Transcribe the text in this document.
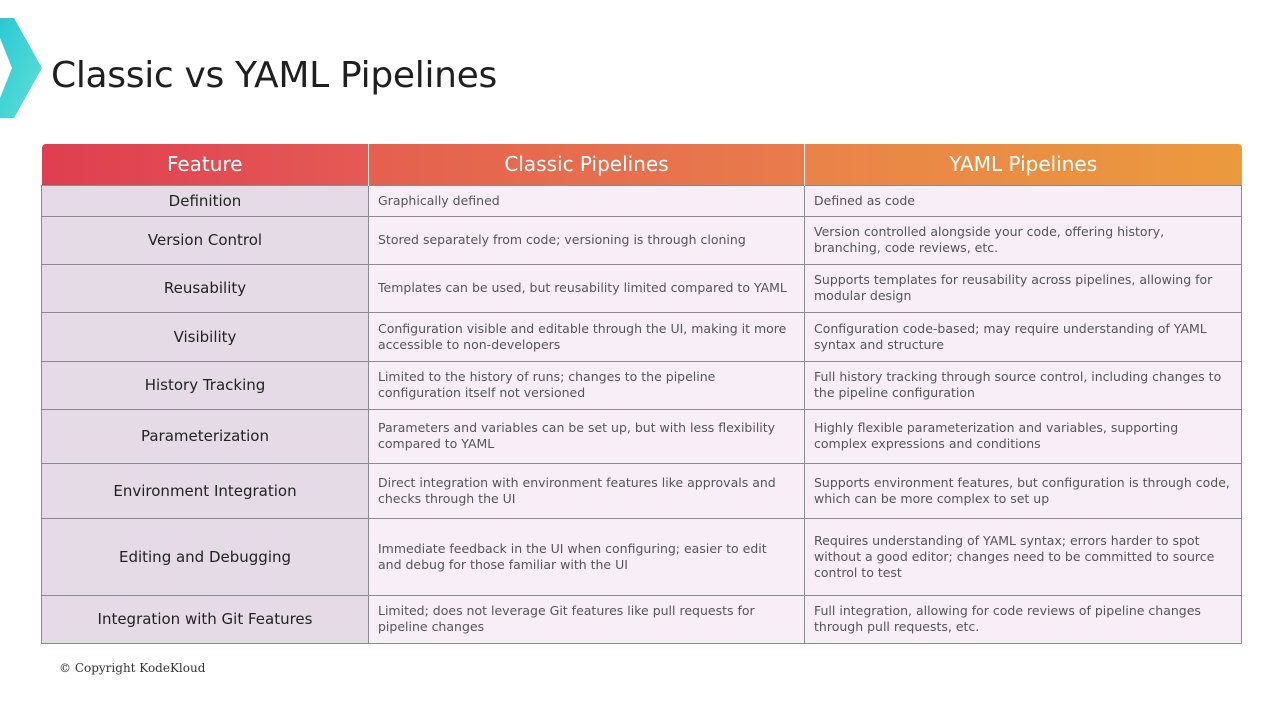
Classic vs YAML Pipelines
Feature	Classic Pipelines	YAML Pipelines
Definition	Graphically defined	Defined as code
Version Control	Stored separately from code; versioning is through cloning	Version controlled alongside your code, offering history, branching, code reviews, etc.
Reusability	Templates can be used, but reusability limited compared to YAML	Supports templates for reusability across pipelines, allowing for modular design
Visibility	Configuration visible and editable through the UI, making it more accessible to non-developers	Configuration code-based; may require understanding of YAML syntax and structure
History Tracking	Limited to the history of runs; changes to the pipeline configuration itself not versioned	Full history tracking through source control, including changes to the pipeline configuration
Parameterization	Parameters and variables can be set up, but with less flexibility compared to YAML	Highly flexible parameterization and variables, supporting complex expressions and conditions
Environment Integration	Direct integration with environment features like approvals and checks through the UI	Supports environment features, but configuration is through code, which can be more complex to set up
Editing and Debugging	Immediate feedback in the UI when configuring; easier to edit and debug for those familiar with the UI	Requires understanding of YAML syntax; errors harder to spot without a good editor; changes need to be committed to source control to test
Integration with Git Features	Limited; does not leverage Git features like pull requests for pipeline changes	Full integration, allowing for code reviews of pipeline changes through pull requests, etc.
© Copyright KodeKloud
